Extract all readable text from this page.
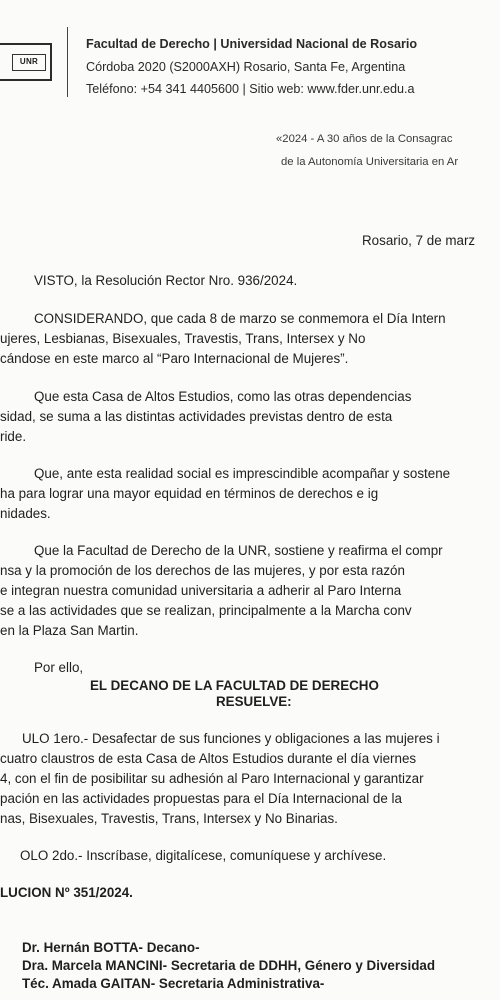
UNR
Facultad de Derecho | Universidad Nacional de Rosario
Córdoba 2020 (S2000AXH) Rosario, Santa Fe, Argentina
Teléfono: +54 341 4405600 | Sitio web: www.fder.unr.edu.a
«2024 - A 30 años de la Consagrac
de la Autonomía Universitaria en Ar
Rosario, 7 de marz
VISTO, la Resolución Rector Nro. 936/2024.
CONSIDERANDO, que cada 8 de marzo se conmemora el Día Intern
ujeres, Lesbianas, Bisexuales, Travestis, Trans, Intersex y No
cándose en este marco al “Paro Internacional de Mujeres”.
Que esta Casa de Altos Estudios, como las otras dependencias
sidad, se suma a las distintas actividades previstas dentro de esta
ride.
Que, ante esta realidad social es imprescindible acompañar y sostene
ha para lograr una mayor equidad en términos de derechos e ig
nidades.
Que la Facultad de Derecho de la UNR, sostiene y reafirma el compr
nsa y la promoción de los derechos de las mujeres, y por esta razón
e integran nuestra comunidad universitaria a adherir al Paro Interna
se a las actividades que se realizan, principalmente a la Marcha conv
en la Plaza San Martin.
Por ello,
EL DECANO DE LA FACULTAD DE DERECHO
RESUELVE:
ULO 1ero.- Desafectar de sus funciones y obligaciones a las mujeres i
cuatro claustros de esta Casa de Altos Estudios durante el día viernes
4, con el fin de posibilitar su adhesión al Paro Internacional y garantizar
pación en las actividades propuestas para el Día Internacional de la
nas, Bisexuales, Travestis, Trans, Intersex y No Binarias.
OLO 2do.- Inscríbase, digitalícese, comuníquese y archívese.
LUCION Nº 351/2024.
Dr. Hernán BOTTA- Decano-
Dra. Marcela MANCINI- Secretaria de DDHH, Género y Diversidad
Téc. Amada GAITAN- Secretaria Administrativa-
